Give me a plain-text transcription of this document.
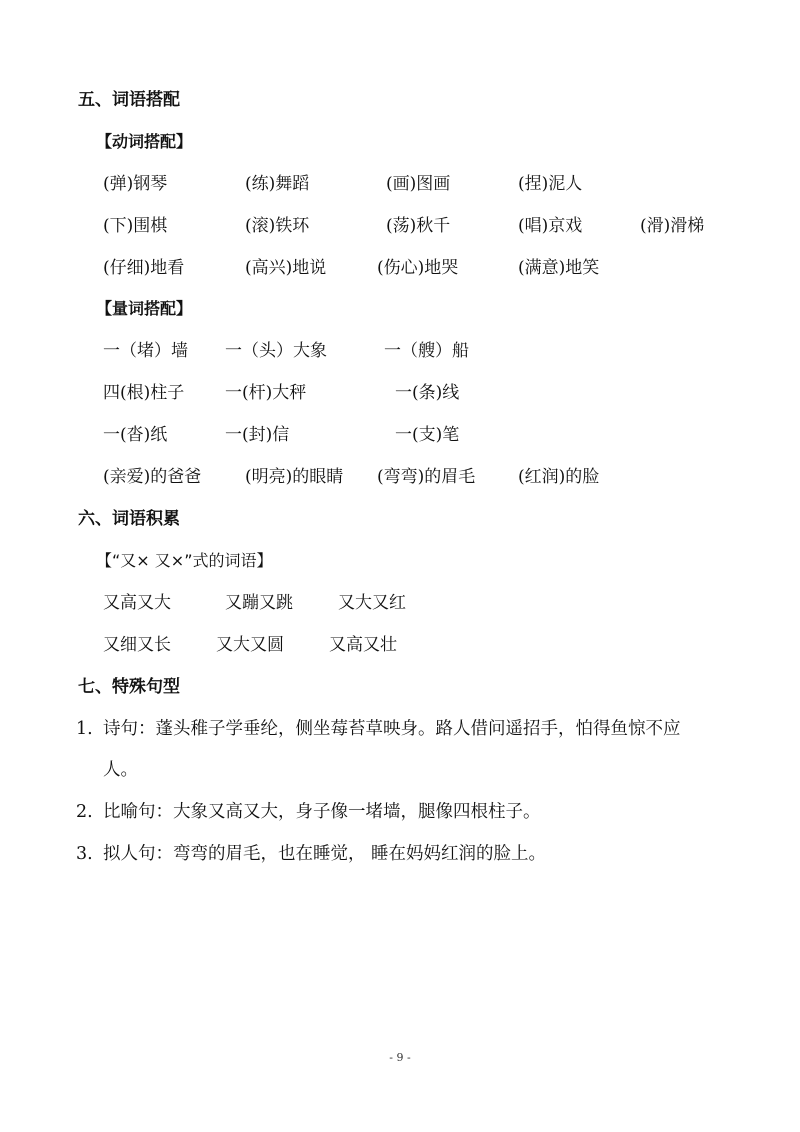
五、词语搭配
【动词搭配】
(弹)钢琴	(练)舞蹈	(画)图画	(捏)泥人
(下)围棋	(滚)铁环	(荡)秋千	(唱)京戏	(滑)滑梯
(仔细)地看	(高兴)地说	(伤心)地哭	(满意)地笑
【量词搭配】
一（堵）墙 一（头）大象	一（艘）船
四(根)柱子 一(杆)大秤	一(条)线
一(沓)纸	一(封)信	一(支)笔
(亲爱)的爸爸	(明亮)的眼睛 (弯弯)的眉毛	(红润)的脸
六、词语积累
【“又× 又×”式的词语】
又高又大	又蹦又跳	又大又红
又细又长	又大又圆	又高又壮
七、特殊句型
1. 诗句：蓬头稚子学垂纶，侧坐莓苔草映身。路人借问遥招手，怕得鱼惊不应
人。
2. 比喻句：大象又高又大，身子像一堵墙，腿像四根柱子。
3. 拟人句：弯弯的眉毛，也在睡觉， 睡在妈妈红润的脸上。
- 9 -
